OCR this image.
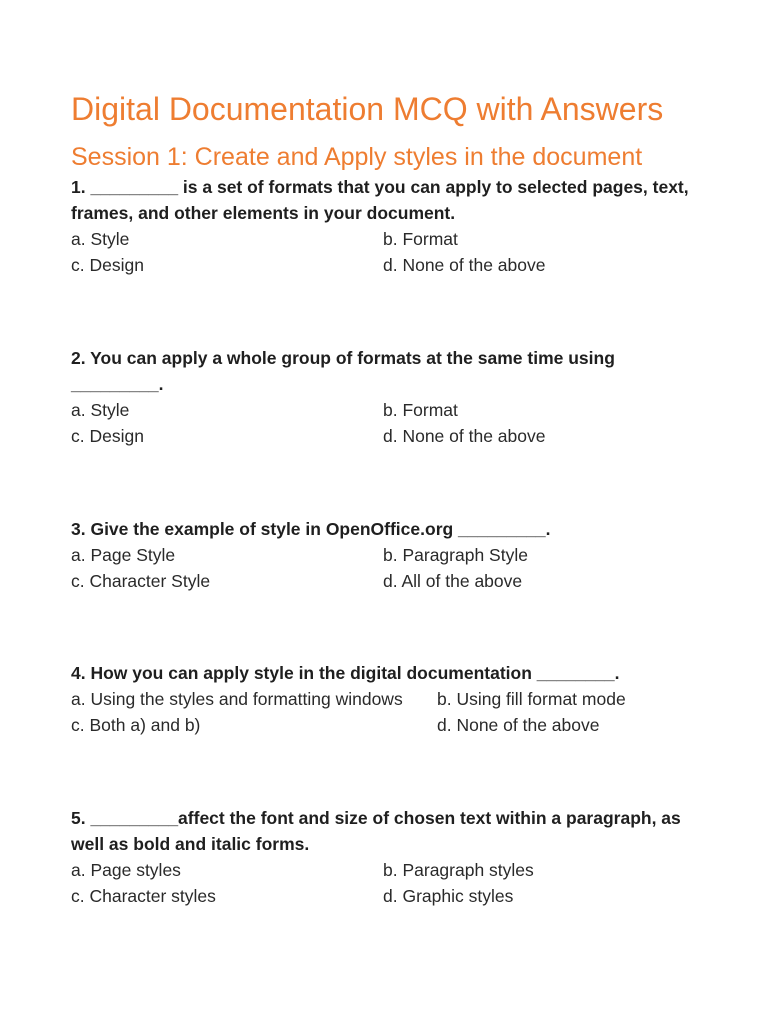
Digital Documentation MCQ with Answers
Session 1: Create and Apply styles in the document

1. _________ is a set of formats that you can apply to selected pages, text, frames, and other elements in your document.

a. Style	b. Format
c. Design	d. None of the above

2. You can apply a whole group of formats at the same time using _________.

a. Style	b. Format
c. Design	d. None of the above

3. Give the example of style in OpenOffice.org _________.

a. Page Style	b. Paragraph Style
c. Character Style	d. All of the above

4. How you can apply style in the digital documentation ________.

a. Using the styles and formatting windows	b. Using fill format mode
c. Both a) and b)	d. None of the above

5. _________affect the font and size of chosen text within a paragraph, as well as bold and italic forms.

a. Page styles	b. Paragraph styles
c. Character styles	d. Graphic styles
